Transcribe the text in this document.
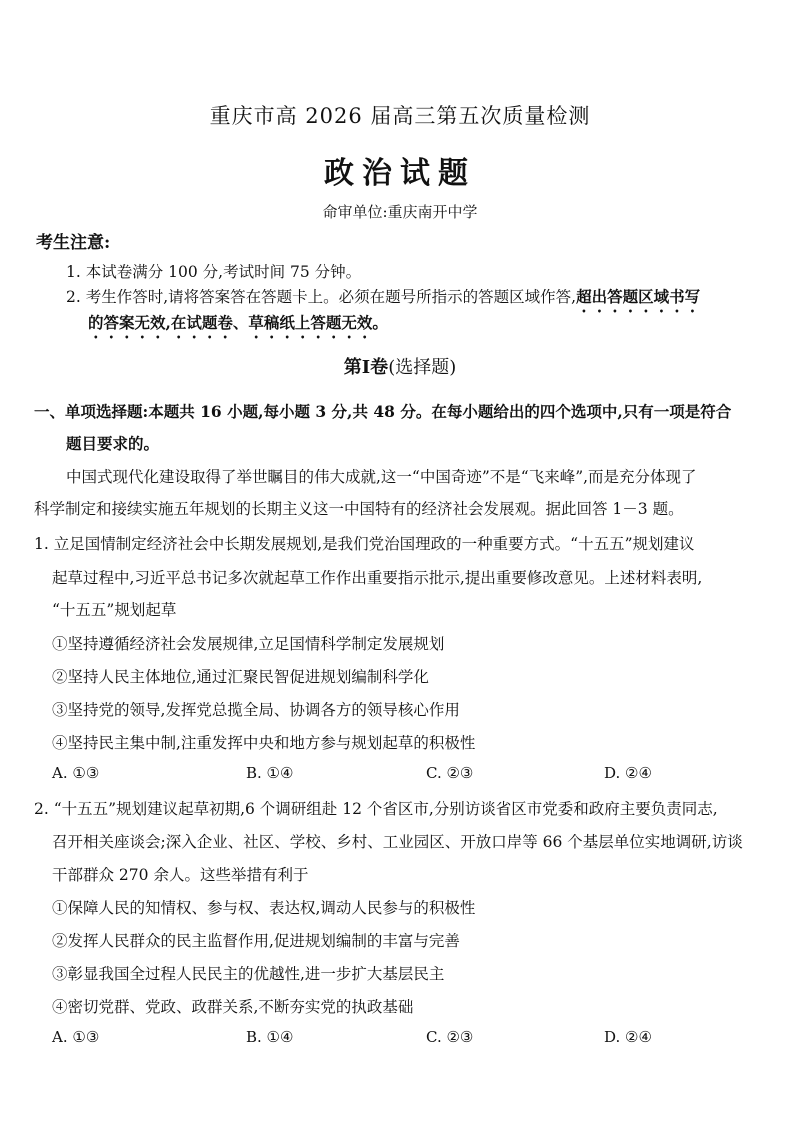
重庆市高 2026 届高三第五次质量检测
政治试题
命审单位:重庆南开中学
考生注意:
1. 本试卷满分 100 分,考试时间 75 分钟。
2. 考生作答时,请将答案答在答题卡上。必须在题号所指示的答题区域作答,超出答题区域书写
的答案无效,在试题卷、草稿纸上答题无效。
第Ⅰ卷(选择题)
一、单项选择题:本题共 16 小题,每小题 3 分,共 48 分。在每小题给出的四个选项中,只有一项是符合
题目要求的。
中国式现代化建设取得了举世瞩目的伟大成就,这一“中国奇迹”不是“飞来峰”,而是充分体现了
科学制定和接续实施五年规划的长期主义这一中国特有的经济社会发展观。据此回答 1－3 题。
1. 立足国情制定经济社会中长期发展规划,是我们党治国理政的一种重要方式。“十五五”规划建议
起草过程中,习近平总书记多次就起草工作作出重要指示批示,提出重要修改意见。上述材料表明,
“十五五”规划起草
①坚持遵循经济社会发展规律,立足国情科学制定发展规划
②坚持人民主体地位,通过汇聚民智促进规划编制科学化
③坚持党的领导,发挥党总揽全局、协调各方的领导核心作用
④坚持民主集中制,注重发挥中央和地方参与规划起草的积极性
A. ①③	B. ①④	C. ②③	D. ②④
2. “十五五”规划建议起草初期,6 个调研组赴 12 个省区市,分别访谈省区市党委和政府主要负责同志,
召开相关座谈会;深入企业、社区、学校、乡村、工业园区、开放口岸等 66 个基层单位实地调研,访谈
干部群众 270 余人。这些举措有利于
①保障人民的知情权、参与权、表达权,调动人民参与的积极性
②发挥人民群众的民主监督作用,促进规划编制的丰富与完善
③彰显我国全过程人民民主的优越性,进一步扩大基层民主
④密切党群、党政、政群关系,不断夯实党的执政基础
A. ①③	B. ①④	C. ②③	D. ②④
